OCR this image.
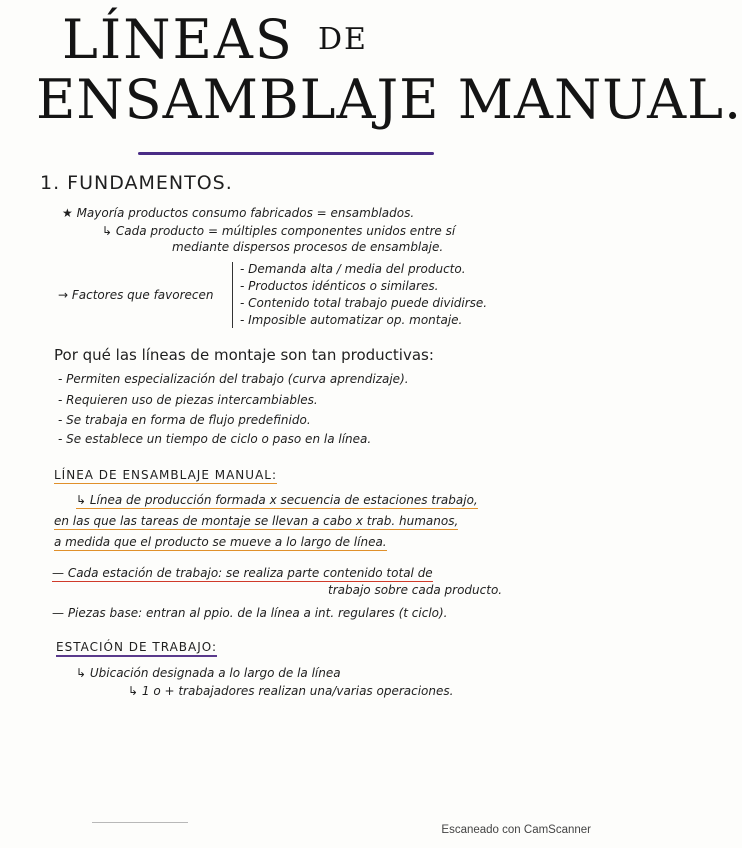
LÍNEAS DE
ENSAMBLAJE MANUAL.
1. FUNDAMENTOS.
★ Mayoría productos consumo fabricados = ensamblados.
↳ Cada producto = múltiples componentes unidos entre sí
mediante dispersos procesos de ensamblaje.
→ Factores que favorecen
- Demanda alta / media del producto.
- Productos idénticos o similares.
- Contenido total trabajo puede dividirse.
- Imposible automatizar op. montaje.
Por qué las líneas de montaje son tan productivas:
- Permiten especialización del trabajo (curva aprendizaje).
- Requieren uso de piezas intercambiables.
- Se trabaja en forma de flujo predefinido.
- Se establece un tiempo de ciclo o paso en la línea.
LÍNEA DE ENSAMBLAJE MANUAL:
↳ Línea de producción formada x secuencia de estaciones trabajo,
en las que las tareas de montaje se llevan a cabo x trab. humanos,
a medida que el producto se mueve a lo largo de línea.
— Cada estación de trabajo: se realiza parte contenido total de
trabajo sobre cada producto.
— Piezas base: entran al ppio. de la línea a int. regulares (t ciclo).
ESTACIÓN DE TRABAJO:
↳ Ubicación designada a lo largo de la línea
↳ 1 o + trabajadores realizan una/varias operaciones.
Escaneado con CamScanner
